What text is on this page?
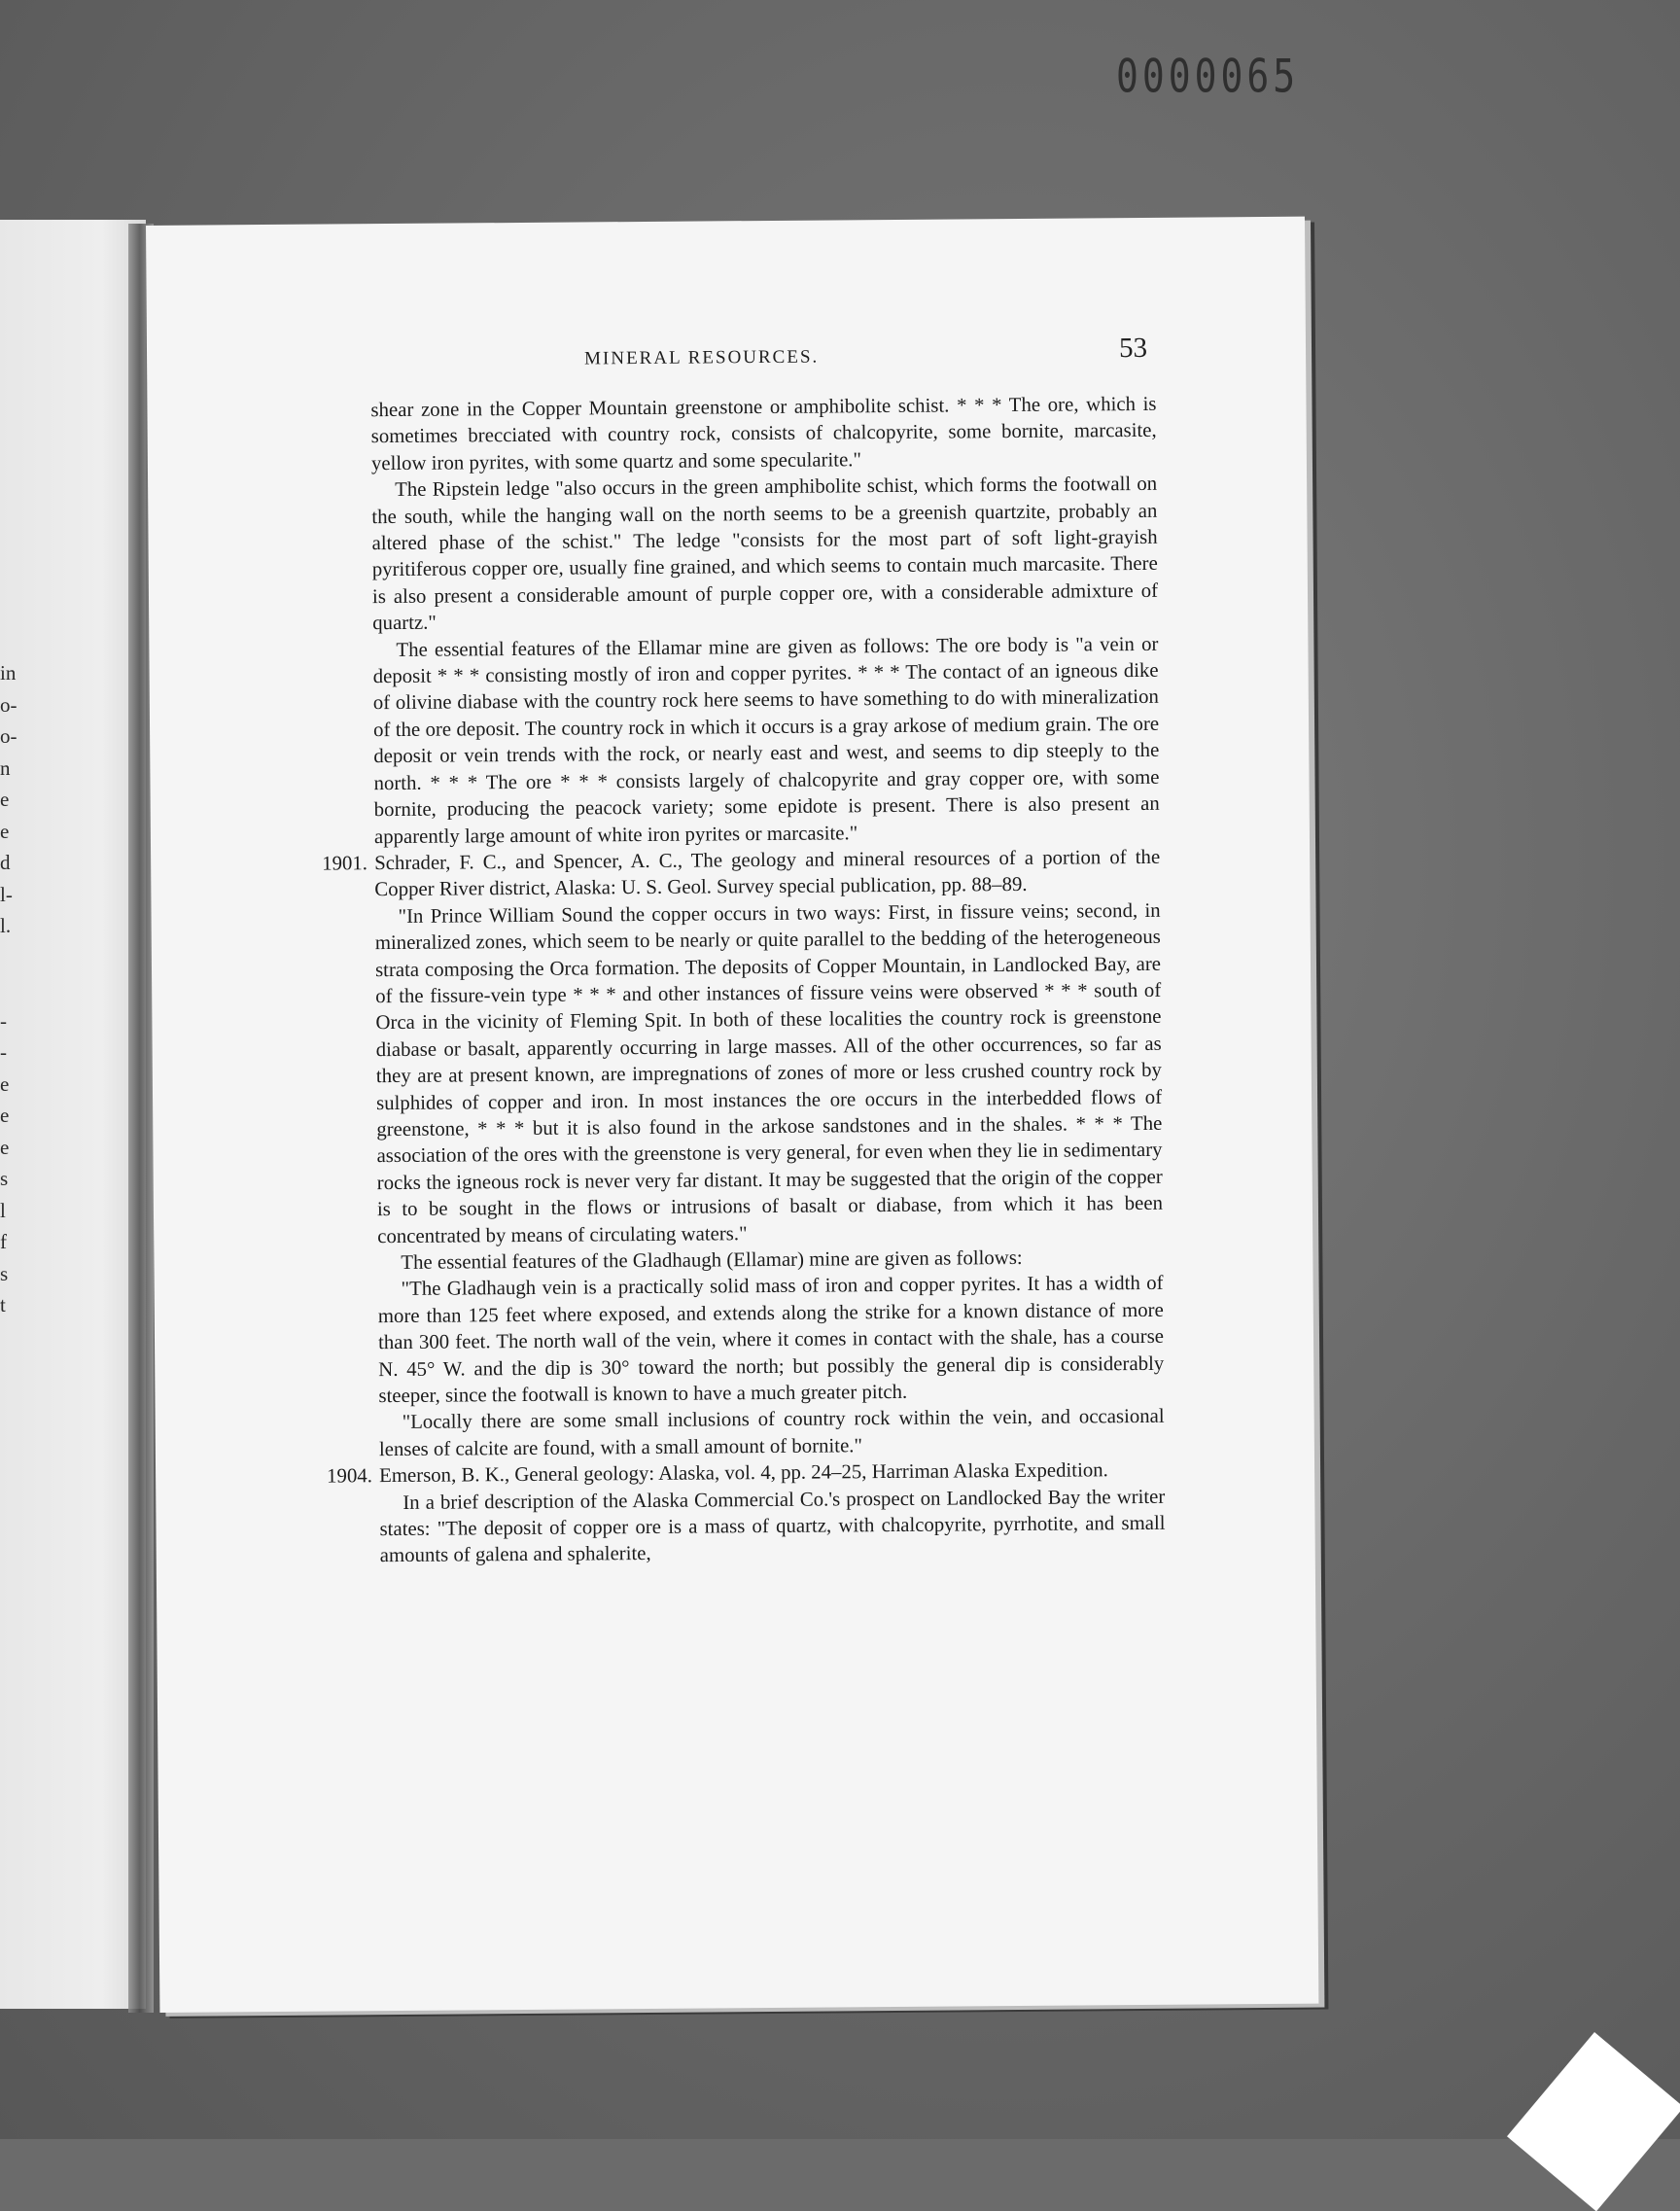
0000065
in
o-
o-
n
e
e
d
l-
l.
-
-
e
e
e
s
l
f
s
t
MINERAL RESOURCES.	53

shear zone in the Copper Mountain greenstone or amphibolite schist. * * * The ore, which is sometimes brecciated with country rock, consists of chalcopyrite, some bornite, marcasite, yellow iron pyrites, with some quartz and some specularite."

The Ripstein ledge "also occurs in the green amphibolite schist, which forms the footwall on the south, while the hanging wall on the north seems to be a greenish quartzite, probably an altered phase of the schist." The ledge "consists for the most part of soft light-grayish pyritiferous copper ore, usually fine grained, and which seems to contain much marcasite. There is also present a considerable amount of purple copper ore, with a considerable admixture of quartz."

The essential features of the Ellamar mine are given as follows: The ore body is "a vein or deposit * * * consisting mostly of iron and copper pyrites. * * * The contact of an igneous dike of olivine diabase with the country rock here seems to have something to do with mineralization of the ore deposit. The country rock in which it occurs is a gray arkose of medium grain. The ore deposit or vein trends with the rock, or nearly east and west, and seems to dip steeply to the north. * * * The ore * * * consists largely of chalcopyrite and gray copper ore, with some bornite, producing the peacock variety; some epidote is present. There is also present an apparently large amount of white iron pyrites or marcasite."

1901. Schrader, F. C., and Spencer, A. C., The geology and mineral resources of a portion of the Copper River district, Alaska: U. S. Geol. Survey special publication, pp. 88–89.

"In Prince William Sound the copper occurs in two ways: First, in fissure veins; second, in mineralized zones, which seem to be nearly or quite parallel to the bedding of the heterogeneous strata composing the Orca formation. The deposits of Copper Mountain, in Landlocked Bay, are of the fissure-vein type * * * and other instances of fissure veins were observed * * * south of Orca in the vicinity of Fleming Spit. In both of these localities the country rock is greenstone diabase or basalt, apparently occurring in large masses. All of the other occurrences, so far as they are at present known, are impregnations of zones of more or less crushed country rock by sulphides of copper and iron. In most instances the ore occurs in the interbedded flows of greenstone, * * * but it is also found in the arkose sandstones and in the shales. * * * The association of the ores with the greenstone is very general, for even when they lie in sedimentary rocks the igneous rock is never very far distant. It may be suggested that the origin of the copper is to be sought in the flows or intrusions of basalt or diabase, from which it has been concentrated by means of circulating waters."

The essential features of the Gladhaugh (Ellamar) mine are given as follows:

"The Gladhaugh vein is a practically solid mass of iron and copper pyrites. It has a width of more than 125 feet where exposed, and extends along the strike for a known distance of more than 300 feet. The north wall of the vein, where it comes in contact with the shale, has a course N. 45° W. and the dip is 30° toward the north; but possibly the general dip is considerably steeper, since the footwall is known to have a much greater pitch.

"Locally there are some small inclusions of country rock within the vein, and occasional lenses of calcite are found, with a small amount of bornite."

1904. Emerson, B. K., General geology: Alaska, vol. 4, pp. 24–25, Harriman Alaska Expedition.

In a brief description of the Alaska Commercial Co.'s prospect on Landlocked Bay the writer states: "The deposit of copper ore is a mass of quartz, with chalcopyrite, pyrrhotite, and small amounts of galena and sphalerite,
